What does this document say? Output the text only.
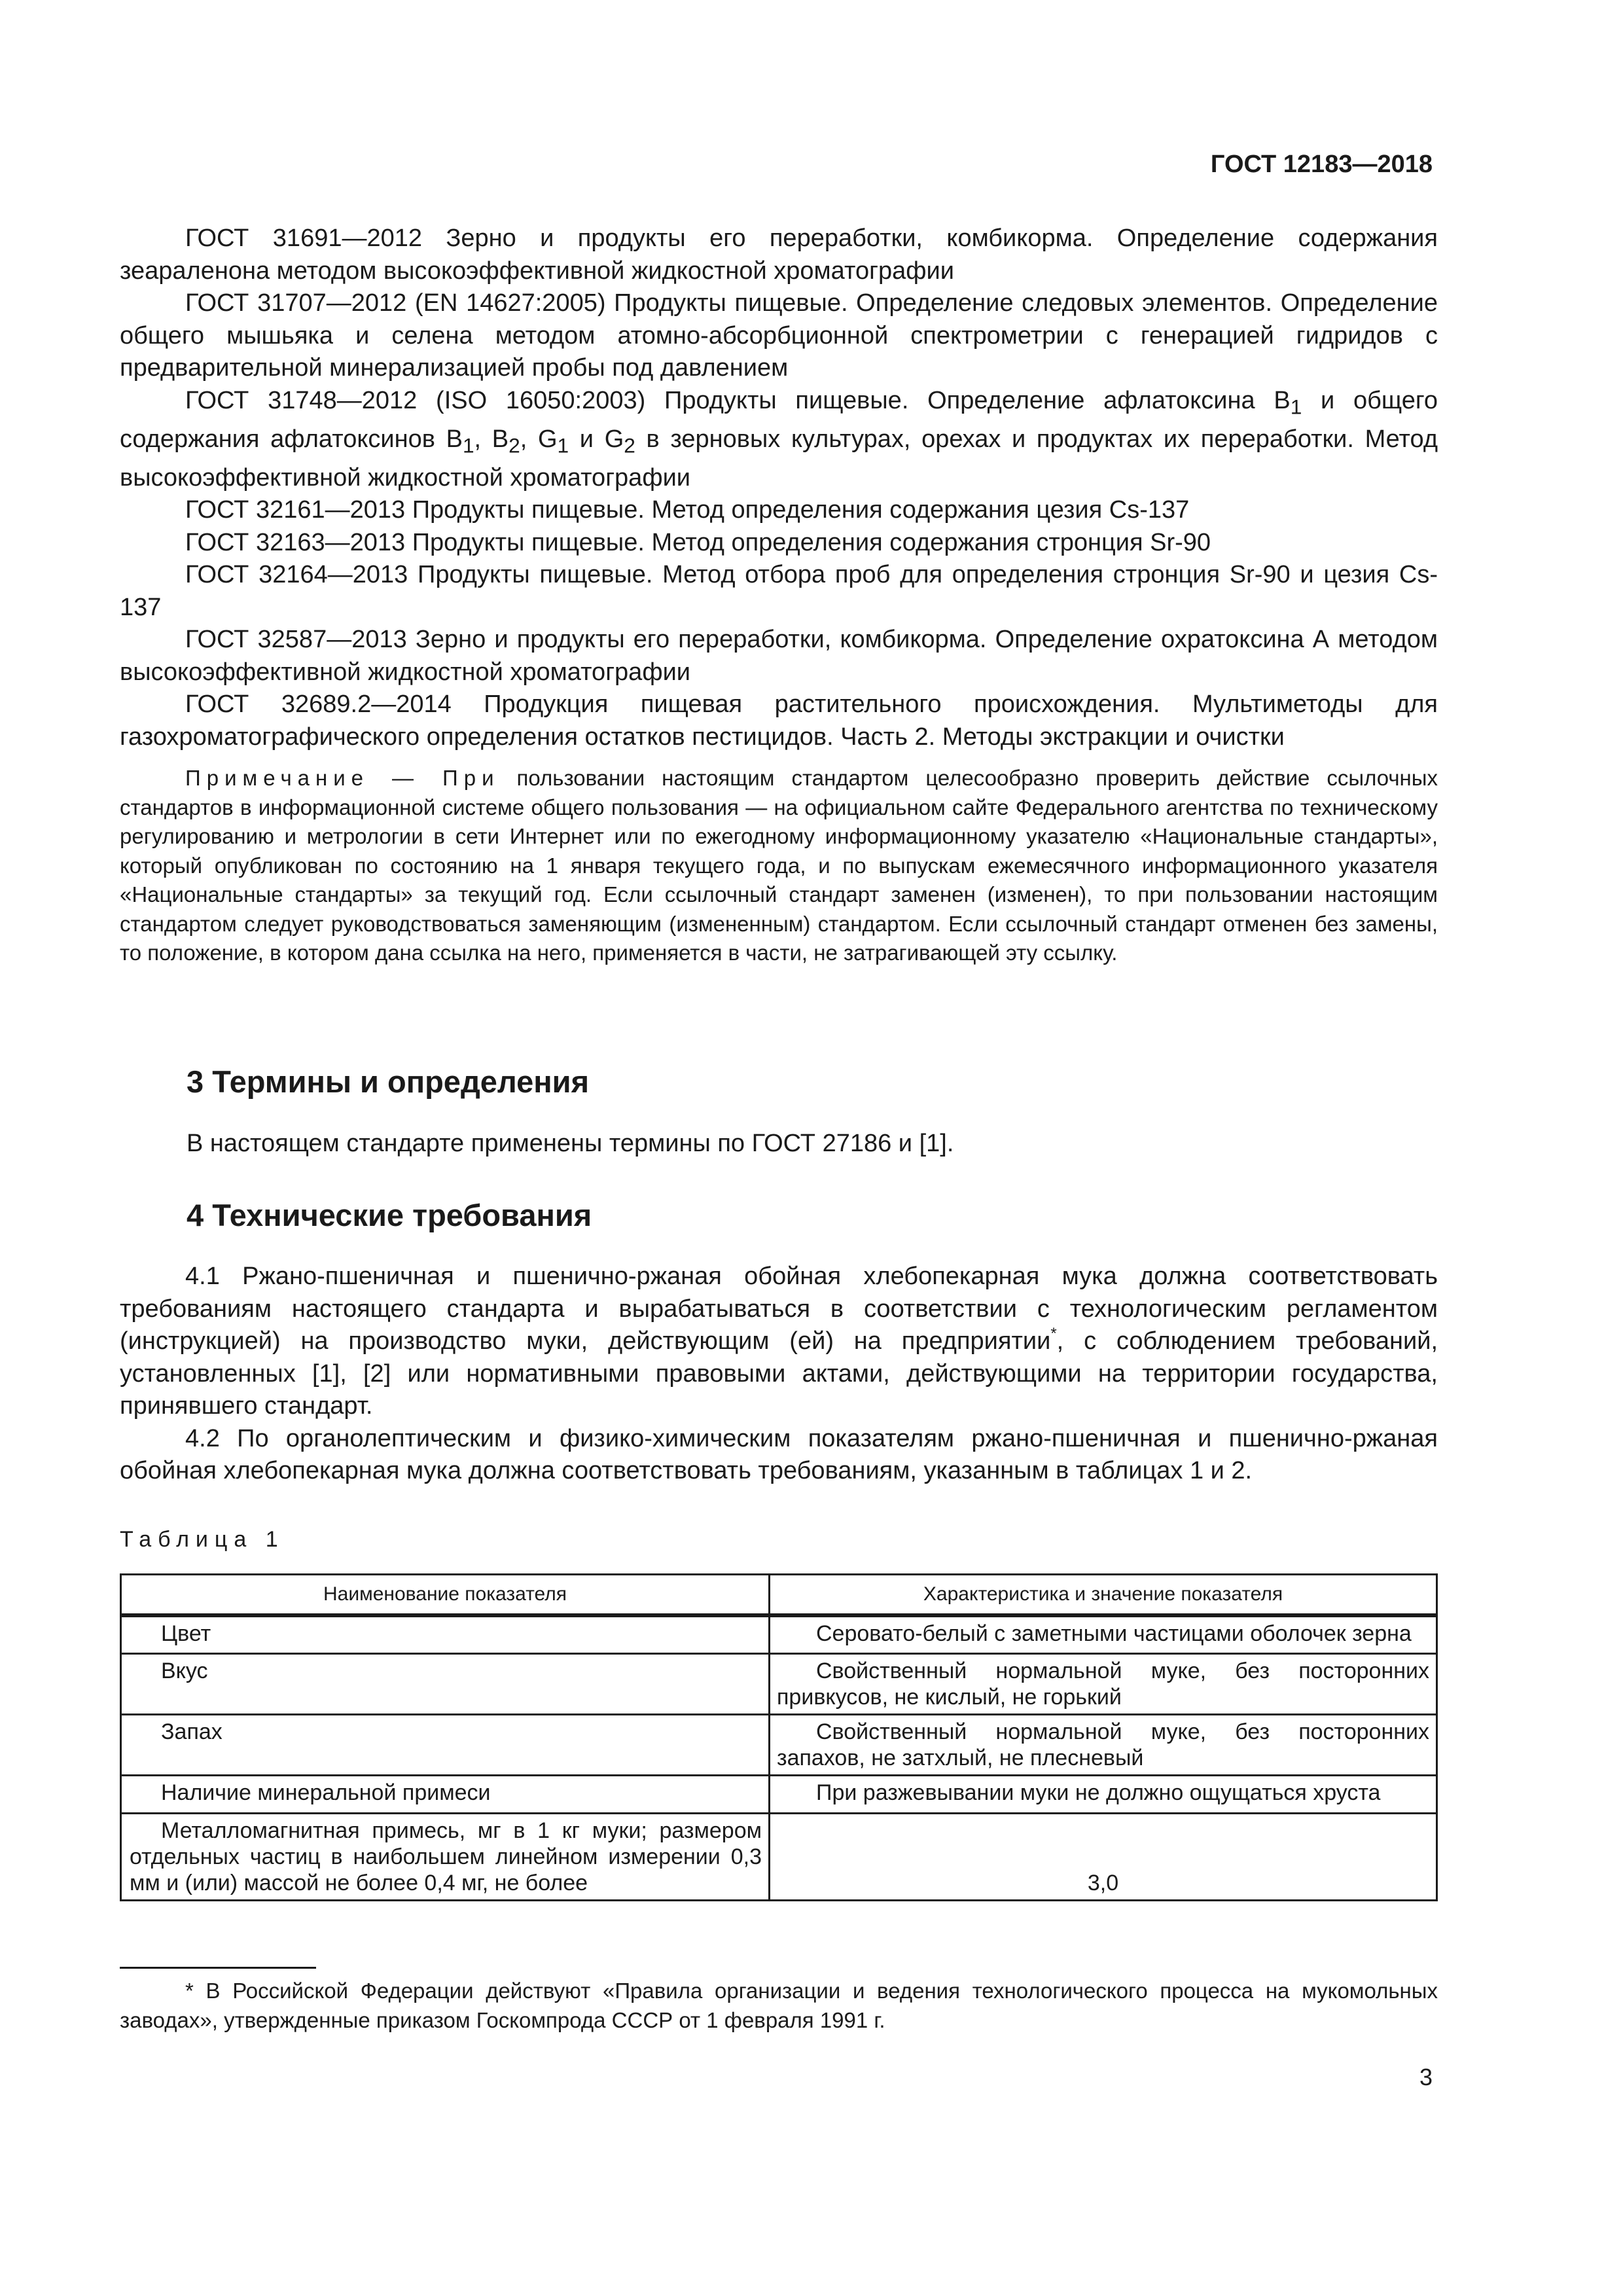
ГОСТ 12183—2018

ГОСТ 31691—2012 Зерно и продукты его переработки, комбикорма. Определение содержания зеараленона методом высокоэффективной жидкостной хроматографии

ГОСТ 31707—2012 (EN 14627:2005) Продукты пищевые. Определение следовых элементов. Определение общего мышьяка и селена методом атомно-абсорбционной спектрометрии с генерацией гидридов с предварительной минерализацией пробы под давлением

ГОСТ 31748—2012 (ISO 16050:2003) Продукты пищевые. Определение афлатоксина $B_1$ и общего содержания афлатоксинов $B_1$, $B_2$, $G_1$ и $G_2$ в зерновых культурах, орехах и продуктах их переработки. Метод высокоэффективной жидкостной хроматографии

ГОСТ 32161—2013 Продукты пищевые. Метод определения содержания цезия Cs-137

ГОСТ 32163—2013 Продукты пищевые. Метод определения содержания стронция Sr-90

ГОСТ 32164—2013 Продукты пищевые. Метод отбора проб для определения стронция Sr-90 и цезия Cs-137

ГОСТ 32587—2013 Зерно и продукты его переработки, комбикорма. Определение охратоксина А методом высокоэффективной жидкостной хроматографии

ГОСТ 32689.2—2014 Продукция пищевая растительного происхождения. Мультиметоды для газохроматографического определения остатков пестицидов. Часть 2. Методы экстракции и очистки

Примечание — При пользовании настоящим стандартом целесообразно проверить действие ссылочных стандартов в информационной системе общего пользования — на официальном сайте Федерального агентства по техническому регулированию и метрологии в сети Интернет или по ежегодному информационному указателю «Национальные стандарты», который опубликован по состоянию на 1 января текущего года, и по выпускам ежемесячного информационного указателя «Национальные стандарты» за текущий год. Если ссылочный стандарт заменен (изменен), то при пользовании настоящим стандартом следует руководствоваться заменяющим (измененным) стандартом. Если ссылочный стандарт отменен без замены, то положение, в котором дана ссылка на него, применяется в части, не затрагивающей эту ссылку.

3 Термины и определения

В настоящем стандарте применены термины по ГОСТ 27186 и [1].

4 Технические требования

4.1 Ржано-пшеничная и пшенично-ржаная обойная хлебопекарная мука должна соответствовать требованиям настоящего стандарта и вырабатываться в соответствии с технологическим регламентом (инструкцией) на производство муки, действующим (ей) на предприятии*, с соблюдением требований, установленных [1], [2] или нормативными правовыми актами, действующими на территории государства, принявшего стандарт.

4.2 По органолептическим и физико-химическим показателям ржано-пшеничная и пшенично-ржаная обойная хлебопекарная мука должна соответствовать требованиям, указанным в таблицах 1 и 2.

Таблица 1

Наименование показателя	Характеристика и значение показателя
Цвет	Серовато-белый с заметными частицами оболочек зерна
Вкус	Свойственный нормальной муке, без посторонних привкусов, не кислый, не горький
Запах	Свойственный нормальной муке, без посторонних запахов, не затхлый, не плесневый
Наличие минеральной примеси	При разжевывании муки не должно ощущаться хруста
Металломагнитная примесь, мг в 1 кг муки; размером отдельных частиц в наибольшем линейном измерении 0,3 мм и (или) массой не более 0,4 мг, не более	3,0

* В Российской Федерации действуют «Правила организации и ведения технологического процесса на мукомольных заводах», утвержденные приказом Госкомпрода СССР от 1 февраля 1991 г.

3
